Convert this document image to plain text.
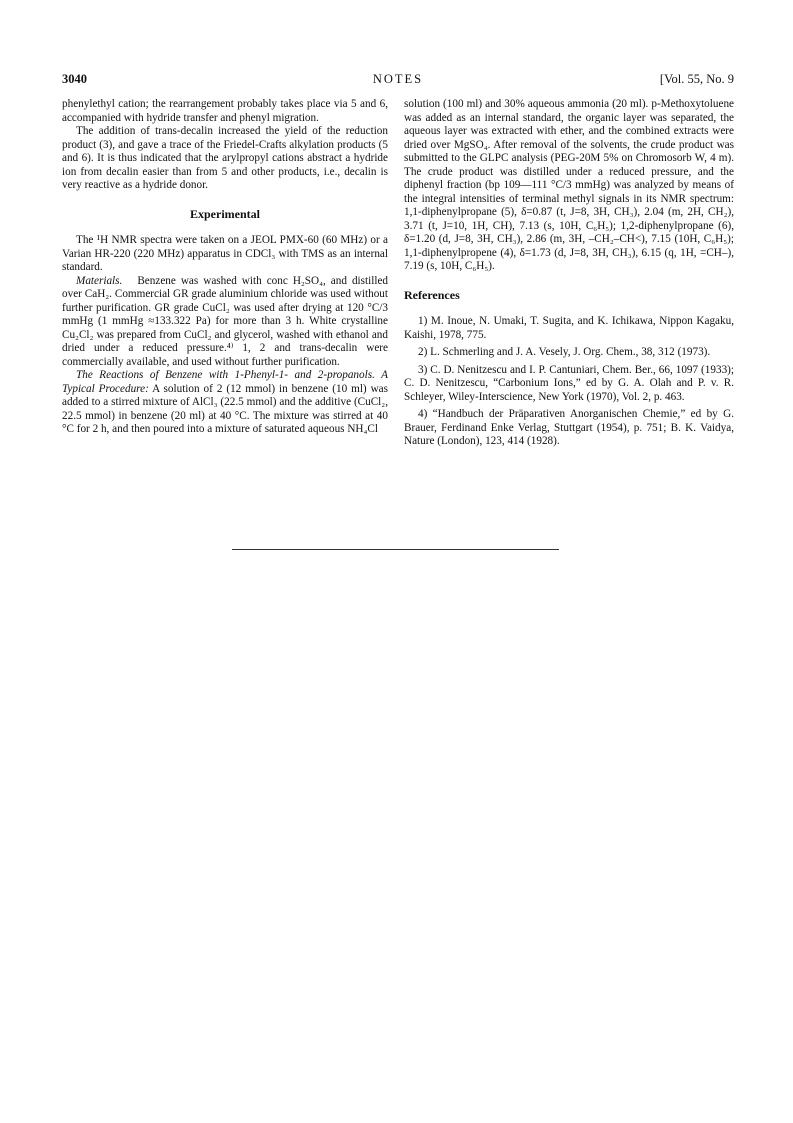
3040	NOTES	[Vol. 55, No. 9

phenylethyl cation; the rearrangement probably takes place via 5 and 6, accompanied with hydride transfer and phenyl migration.

The addition of trans-decalin increased the yield of the reduction product (3), and gave a trace of the Friedel-Crafts alkylation products (5 and 6). It is thus indicated that the arylpropyl cations abstract a hydride ion from decalin easier than from 5 and other products, i.e., decalin is very reactive as a hydride donor.

Experimental

The ¹H NMR spectra were taken on a JEOL PMX-60 (60 MHz) or a Varian HR-220 (220 MHz) apparatus in CDCl₃ with TMS as an internal standard.

Materials. Benzene was washed with conc H₂SO₄, and distilled over CaH₂. Commercial GR grade aluminium chloride was used without further purification. GR grade CuCl₂ was used after drying at 120 °C/3 mmHg (1 mmHg ≈133.322 Pa) for more than 3 h. White crystalline Cu₂Cl₂ was prepared from CuCl₂ and glycerol, washed with ethanol and dried under a reduced pressure.⁴⁾ 1, 2 and trans-decalin were commercially available, and used without further purification.

The Reactions of Benzene with 1-Phenyl-1- and 2-propanols. A Typical Procedure: A solution of 2 (12 mmol) in benzene (10 ml) was added to a stirred mixture of AlCl₃ (22.5 mmol) and the additive (CuCl₂, 22.5 mmol) in benzene (20 ml) at 40 °C. The mixture was stirred at 40 °C for 2 h, and then poured into a mixture of saturated aqueous NH₄Cl

solution (100 ml) and 30% aqueous ammonia (20 ml). p-Methoxytoluene was added as an internal standard, the organic layer was separated, the aqueous layer was extracted with ether, and the combined extracts were dried over MgSO₄. After removal of the solvents, the crude product was submitted to the GLPC analysis (PEG-20M 5% on Chromosorb W, 4 m). The crude product was distilled under a reduced pressure, and the diphenyl fraction (bp 109—111 °C/3 mmHg) was analyzed by means of the integral intensities of terminal methyl signals in its NMR spectrum: 1,1-diphenylpropane (5), δ=0.87 (t, J=8, 3H, CH₃), 2.04 (m, 2H, CH₂), 3.71 (t, J=10, 1H, CH), 7.13 (s, 10H, C₆H₅); 1,2-diphenylpropane (6), δ=1.20 (d, J=8, 3H, CH₃), 2.86 (m, 3H, –CH₂–CH<), 7.15 (10H, C₆H₅); 1,1-diphenylpropene (4), δ=1.73 (d, J=8, 3H, CH₃), 6.15 (q, 1H, =CH–), 7.19 (s, 10H, C₆H₅).

References

1) M. Inoue, N. Umaki, T. Sugita, and K. Ichikawa, Nippon Kagaku, Kaishi, 1978, 775.

2) L. Schmerling and J. A. Vesely, J. Org. Chem., 38, 312 (1973).

3) C. D. Nenitzescu and I. P. Cantuniari, Chem. Ber., 66, 1097 (1933); C. D. Nenitzescu, “Carbonium Ions,” ed by G. A. Olah and P. v. R. Schleyer, Wiley-Interscience, New York (1970), Vol. 2, p. 463.

4) “Handbuch der Präparativen Anorganischen Chemie,” ed by G. Brauer, Ferdinand Enke Verlag, Stuttgart (1954), p. 751; B. K. Vaidya, Nature (London), 123, 414 (1928).
